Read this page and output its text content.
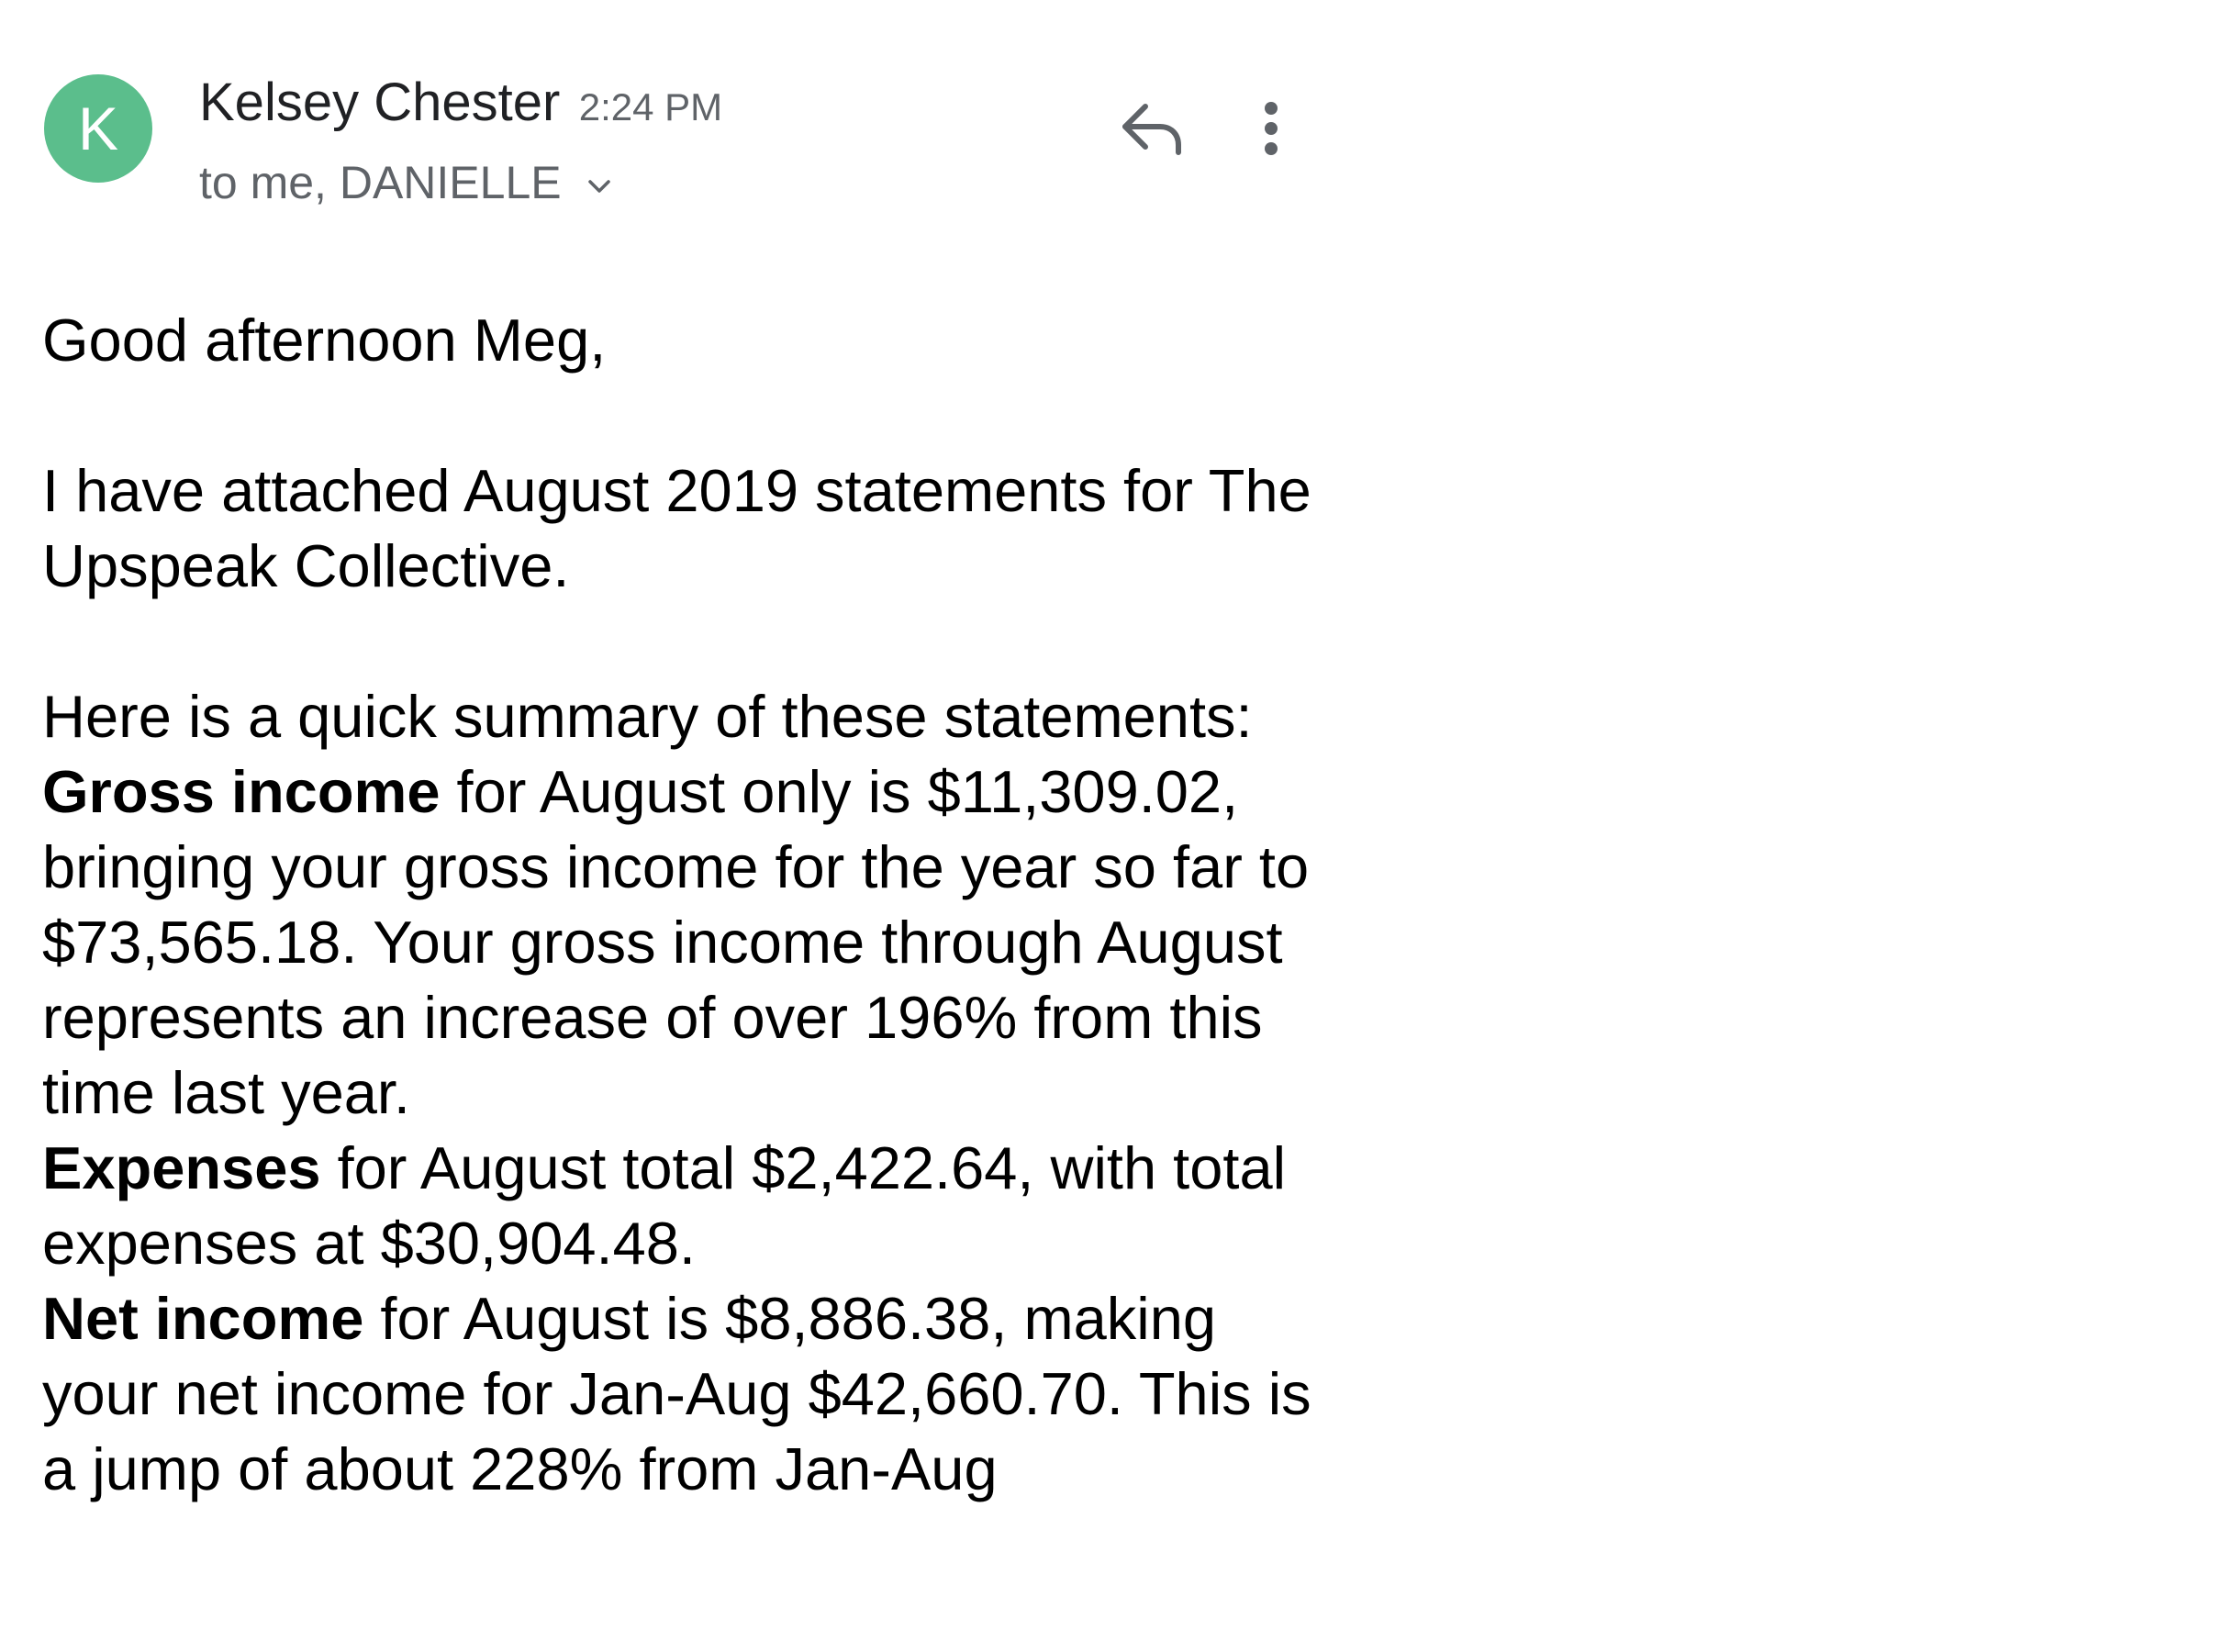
K	Kelsey Chester 2:24 PM
to me, DANIELLE

Good afternoon Meg,

I have attached August 2019 statements for The Upspeak Collective.

Here is a quick summary of these statements:

Gross income for August only is $11,309.02, bringing your gross income for the year so far to $73,565.18. Your gross income through August represents an increase of over 196% from this time last year.

Expenses for August total $2,422.64, with total expenses at $30,904.48.

Net income for August is $8,886.38, making your net income for Jan-Aug $42,660.70. This is a jump of about 228% from Jan-Aug
